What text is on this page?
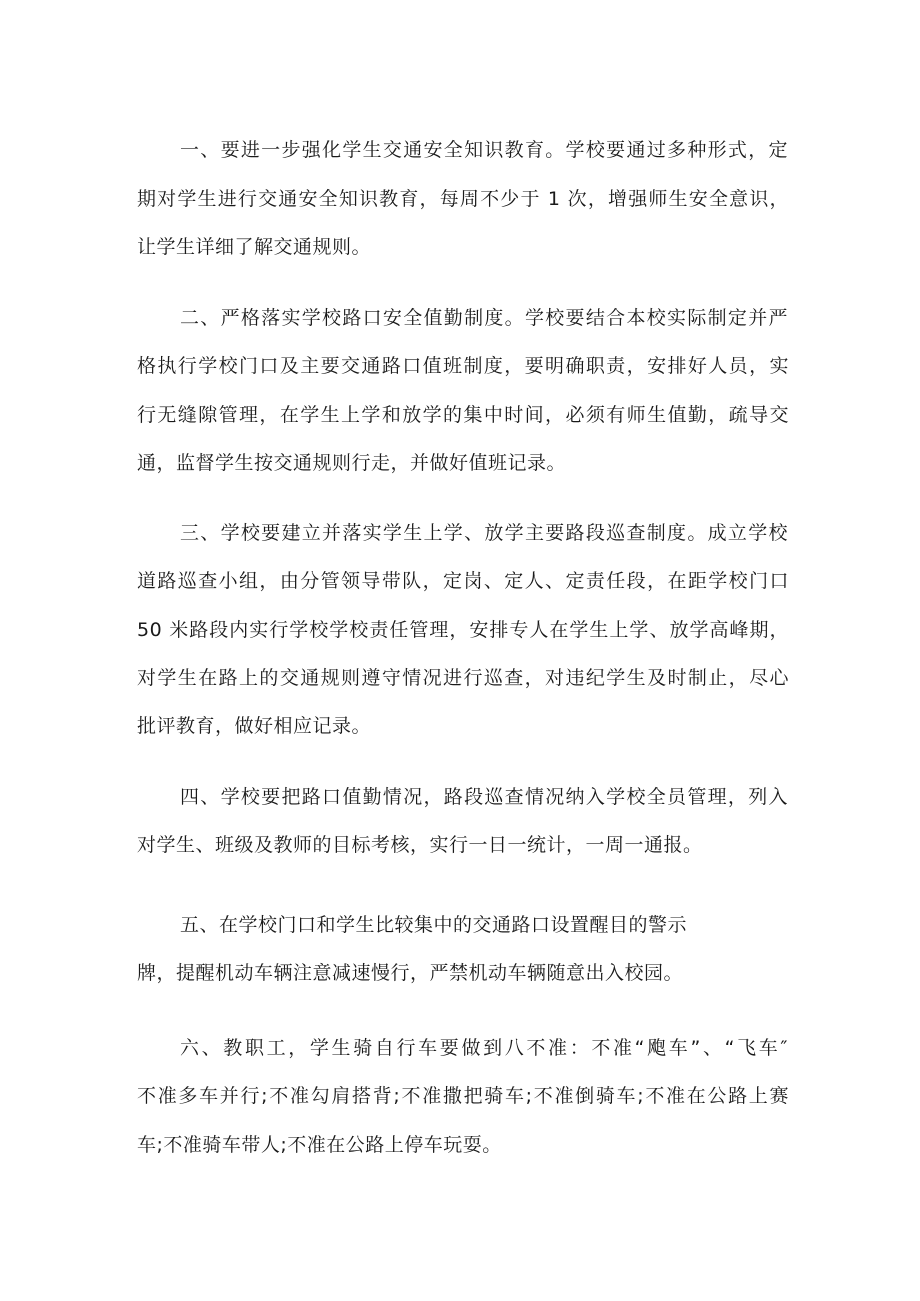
一、要进一步强化学生交通安全知识教育。学校要通过多种形式，定
期对学生进行交通安全知识教育，每周不少于 1 次，增强师生安全意识，
让学生详细了解交通规则。
二、严格落实学校路口安全值勤制度。学校要结合本校实际制定并严
格执行学校门口及主要交通路口值班制度，要明确职责，安排好人员，实
行无缝隙管理，在学生上学和放学的集中时间，必须有师生值勤，疏导交
通，监督学生按交通规则行走，并做好值班记录。
三、学校要建立并落实学生上学、放学主要路段巡查制度。成立学校
道路巡查小组，由分管领导带队，定岗、定人、定责任段，在距学校门口
50 米路段内实行学校学校责任管理，安排专人在学生上学、放学高峰期，
对学生在路上的交通规则遵守情况进行巡查，对违纪学生及时制止，尽心
批评教育，做好相应记录。
四、学校要把路口值勤情况，路段巡查情况纳入学校全员管理，列入
对学生、班级及教师的目标考核，实行一日一统计，一周一通报。
五、在学校门口和学生比较集中的交通路口设置醒目的警示
牌，提醒机动车辆注意减速慢行，严禁机动车辆随意出入校园。
六、教职工，学生骑自行车要做到八不准：不准“飑车”、“飞车″
不准多车并行;不准勾肩搭背;不准撒把骑车;不准倒骑车;不准在公路上赛
车;不准骑车带人;不准在公路上停车玩耍。
